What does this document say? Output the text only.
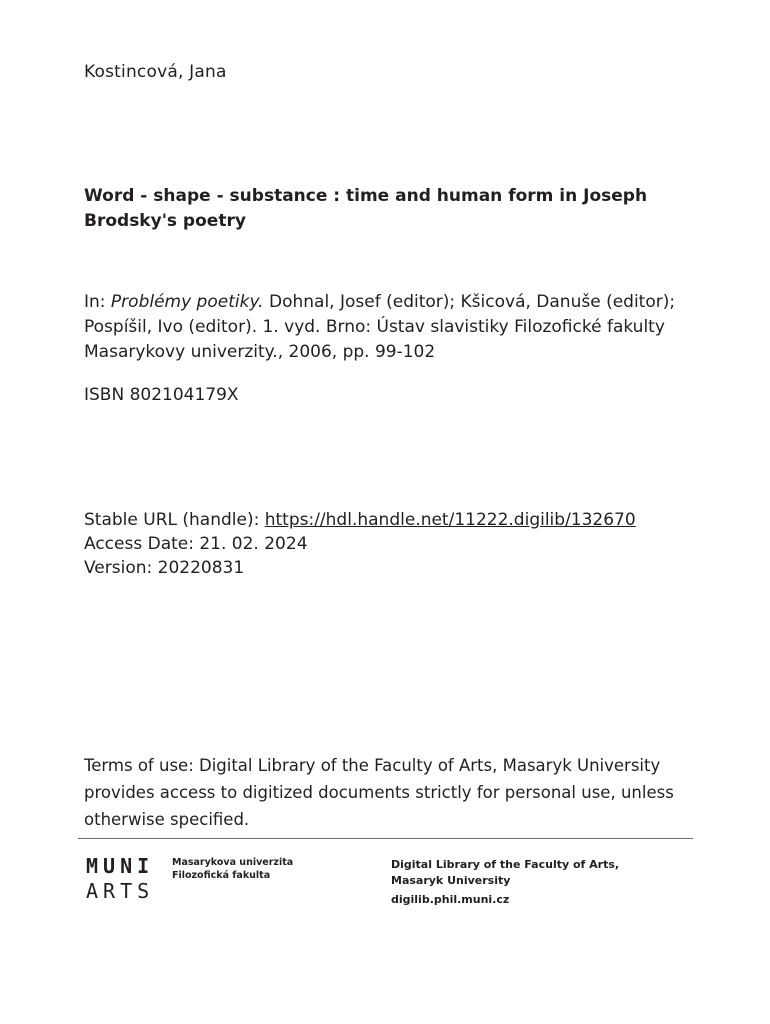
Kostincová, Jana
Word - shape - substance : time and human form in Joseph Brodsky's poetry
In: Problémy poetiky. Dohnal, Josef (editor); Kšicová, Danuše (editor); Pospíšil, Ivo (editor). 1. vyd. Brno: Ústav slavistiky Filozofické fakulty Masarykovy univerzity., 2006, pp. 99-102
ISBN 802104179X
Stable URL (handle): https://hdl.handle.net/11222.digilib/132670
Access Date: 21. 02. 2024
Version: 20220831
Terms of use: Digital Library of the Faculty of Arts, Masaryk University provides access to digitized documents strictly for personal use, unless otherwise specified.
MUNI
ARTS
Masarykova univerzita
Filozofická fakulta
Digital Library of the Faculty of Arts,
Masaryk University
digilib.phil.muni.cz
